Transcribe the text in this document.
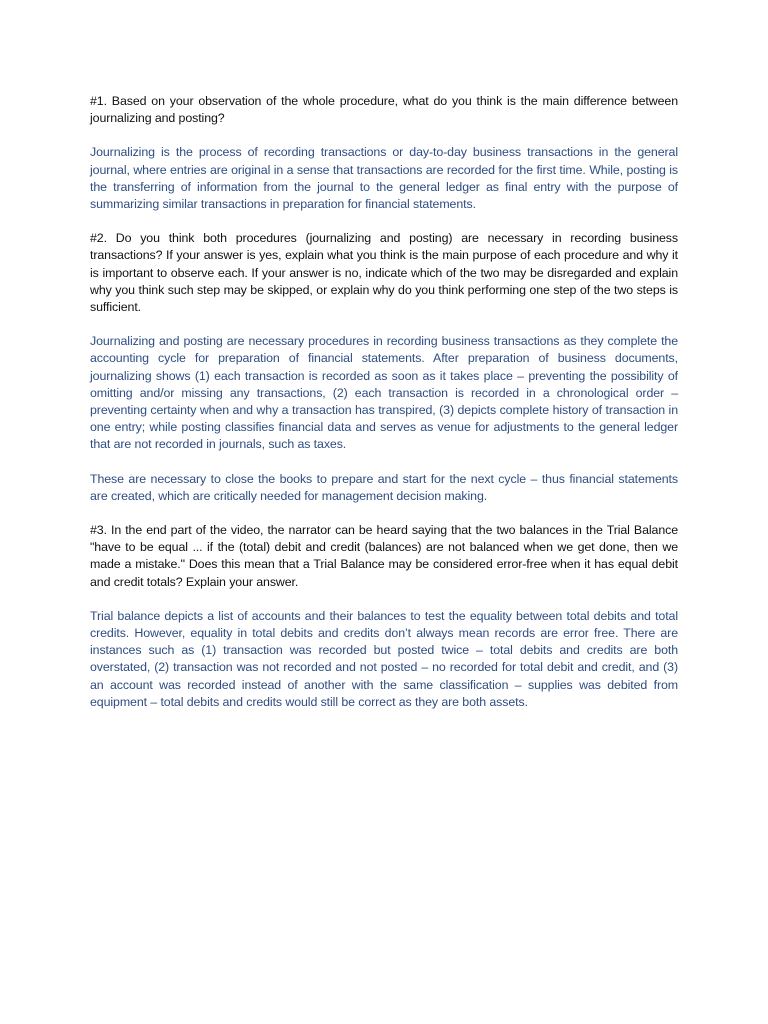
#1. Based on your observation of the whole procedure, what do you think is the main difference between journalizing and posting?

Journalizing is the process of recording transactions or day-to-day business transactions in the general journal, where entries are original in a sense that transactions are recorded for the first time. While, posting is the transferring of information from the journal to the general ledger as final entry with the purpose of summarizing similar transactions in preparation for financial statements.

#2. Do you think both procedures (journalizing and posting) are necessary in recording business transactions? If your answer is yes, explain what you think is the main purpose of each procedure and why it is important to observe each. If your answer is no, indicate which of the two may be disregarded and explain why you think such step may be skipped, or explain why do you think performing one step of the two steps is sufficient.

Journalizing and posting are necessary procedures in recording business transactions as they complete the accounting cycle for preparation of financial statements. After preparation of business documents, journalizing shows (1) each transaction is recorded as soon as it takes place – preventing the possibility of omitting and/or missing any transactions, (2) each transaction is recorded in a chronological order – preventing certainty when and why a transaction has transpired, (3) depicts complete history of transaction in one entry; while posting classifies financial data and serves as venue for adjustments to the general ledger that are not recorded in journals, such as taxes.

These are necessary to close the books to prepare and start for the next cycle – thus financial statements are created, which are critically needed for management decision making.

#3. In the end part of the video, the narrator can be heard saying that the two balances in the Trial Balance "have to be equal ... if the (total) debit and credit (balances) are not balanced when we get done, then we made a mistake." Does this mean that a Trial Balance may be considered error-free when it has equal debit and credit totals? Explain your answer.

Trial balance depicts a list of accounts and their balances to test the equality between total debits and total credits. However, equality in total debits and credits don’t always mean records are error free. There are instances such as (1) transaction was recorded but posted twice – total debits and credits are both overstated, (2) transaction was not recorded and not posted – no recorded for total debit and credit, and (3) an account was recorded instead of another with the same classification – supplies was debited from equipment – total debits and credits would still be correct as they are both assets.
